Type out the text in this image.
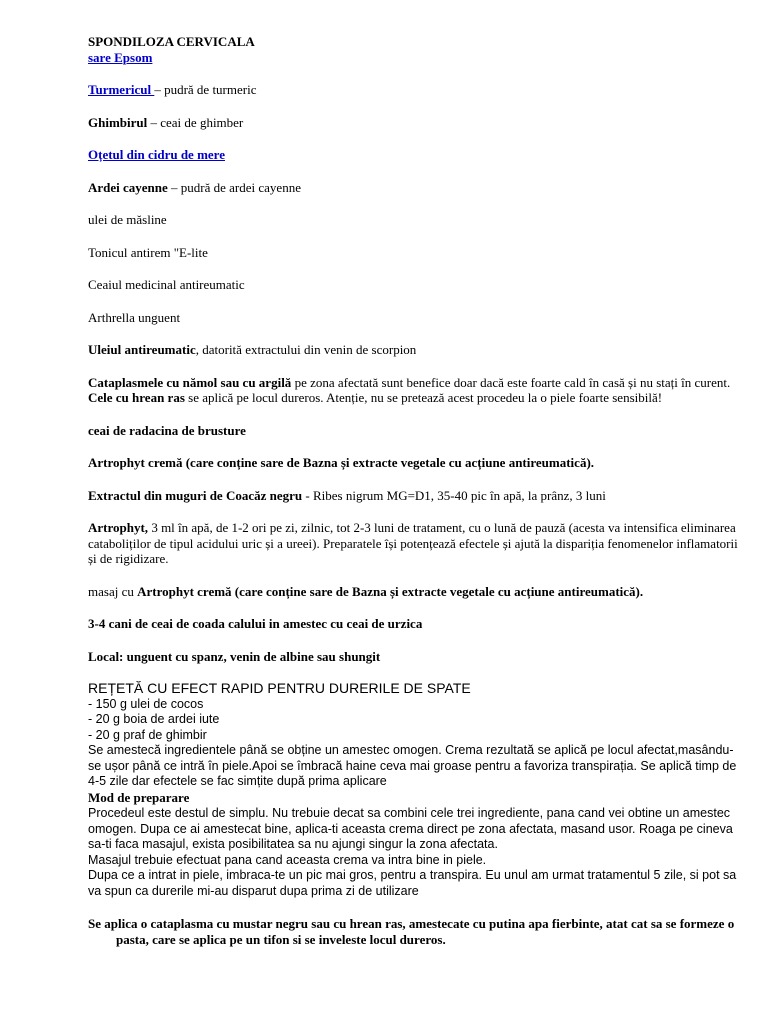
SPONDILOZA CERVICALA

sare Epsom

Turmericul – pudră de turmeric

Ghimbirul – ceai de ghimber

Oțetul din cidru de mere

Ardei cayenne – pudră de ardei cayenne

ulei de măsline

Tonicul antirem "E-lite

Ceaiul medicinal antireumatic

Arthrella unguent

Uleiul antireumatic, datorită extractului din venin de scorpion

Cataplasmele cu nămol sau cu argilă pe zona afectată sunt benefice doar dacă este foarte cald în casă și nu stați în curent. Cele cu hrean ras se aplică pe locul dureros. Atenție, nu se pretează acest procedeu la o piele foarte sensibilă!

ceai de radacina de brusture

Artrophyt cremă (care conține sare de Bazna și extracte vegetale cu acțiune antireumatică).

Extractul din muguri de Coacăz negru - Ribes nigrum MG=D1, 35-40 pic în apă, la prânz, 3 luni

Artrophyt, 3 ml în apă, de 1-2 ori pe zi, zilnic, tot 2-3 luni de tratament, cu o lună de pauză (acesta va intensifica eliminarea cataboliților de tipul acidului uric și a ureei). Preparatele își potențează efectele și ajută la dispariția fenomenelor inflamatorii și de rigidizare.

masaj cu Artrophyt cremă (care conține sare de Bazna și extracte vegetale cu acțiune antireumatică).

3-4 cani de ceai de coada calului in amestec cu ceai de urzica

Local: unguent cu spanz, venin de albine sau shungit

REȚETĂ CU EFECT RAPID PENTRU DURERILE DE SPATE

- 150 g ulei de cocos

- 20 g boia de ardei iute

- 20 g praf de ghimbir

Se amestecă ingredientele până se obține un amestec omogen. Crema rezultată se aplică pe locul afectat,masându-se ușor până ce intră în piele.Apoi se îmbracă haine ceva mai groase pentru a favoriza transpirația. Se aplică timp de 4-5 zile dar efectele se fac simțite după prima aplicare

Mod de preparare

Procedeul este destul de simplu. Nu trebuie decat sa combini cele trei ingrediente, pana cand vei obtine un amestec omogen. Dupa ce ai amestecat bine, aplica-ti aceasta crema direct pe zona afectata, masand usor. Roaga pe cineva sa-ti faca masajul, exista posibilitatea sa nu ajungi singur la zona afectata.

Masajul trebuie efectuat pana cand aceasta crema va intra bine in piele.

Dupa ce a intrat in piele, imbraca-te un pic mai gros, pentru a transpira. Eu unul am urmat tratamentul 5 zile, si pot sa va spun ca durerile mi-au disparut dupa prima zi de utilizare

Se aplica o cataplasma cu mustar negru sau cu hrean ras, amestecate cu putina apa fierbinte, atat cat sa se formeze o pasta, care se aplica pe un tifon si se inveleste locul dureros.
